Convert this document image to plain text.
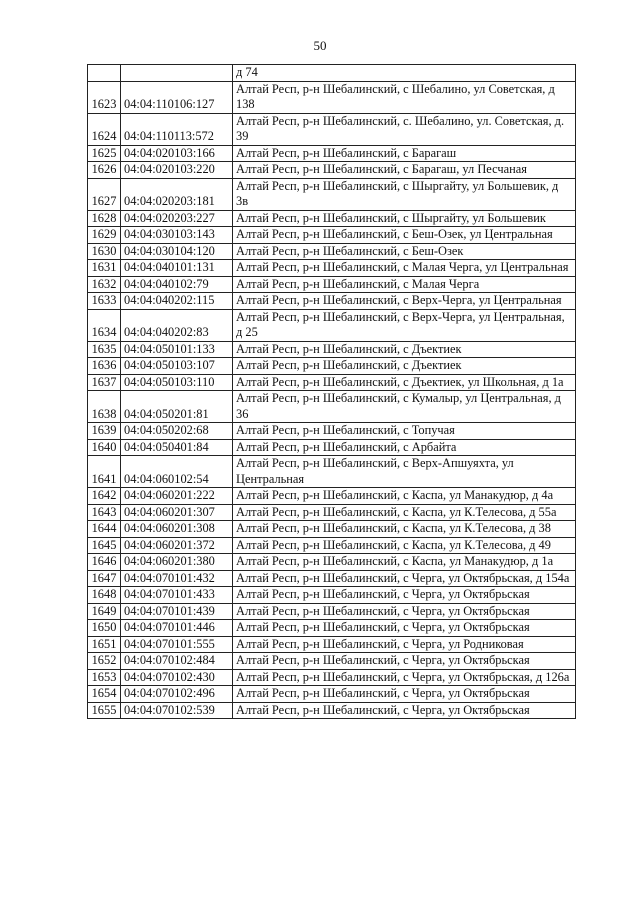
50
		д 74
1623	04:04:110106:127	Алтай Респ, р-н Шебалинский, с Шебалино, ул Советская, д 138
1624	04:04:110113:572	Алтай Респ, р-н Шебалинский, с. Шебалино, ул. Советская, д. 39
1625	04:04:020103:166	Алтай Респ, р-н Шебалинский, с Барагаш
1626	04:04:020103:220	Алтай Респ, р-н Шебалинский, с Барагаш, ул Песчаная
1627	04:04:020203:181	Алтай Респ, р-н Шебалинский, с Шыргайту, ул Большевик, д 3в
1628	04:04:020203:227	Алтай Респ, р-н Шебалинский, с Шыргайту, ул Большевик
1629	04:04:030103:143	Алтай Респ, р-н Шебалинский, с Беш-Озек, ул Центральная
1630	04:04:030104:120	Алтай Респ, р-н Шебалинский, с Беш-Озек
1631	04:04:040101:131	Алтай Респ, р-н Шебалинский, с Малая Черга, ул Центральная
1632	04:04:040102:79	Алтай Респ, р-н Шебалинский, с Малая Черга
1633	04:04:040202:115	Алтай Респ, р-н Шебалинский, с Верх-Черга, ул Центральная
1634	04:04:040202:83	Алтай Респ, р-н Шебалинский, с Верх-Черга, ул Центральная, д 25
1635	04:04:050101:133	Алтай Респ, р-н Шебалинский, с Дъектиек
1636	04:04:050103:107	Алтай Респ, р-н Шебалинский, с Дъектиек
1637	04:04:050103:110	Алтай Респ, р-н Шебалинский, с Дъектиек, ул Школьная, д 1а
1638	04:04:050201:81	Алтай Респ, р-н Шебалинский, с Кумалыр, ул Центральная, д 36
1639	04:04:050202:68	Алтай Респ, р-н Шебалинский, с Топучая
1640	04:04:050401:84	Алтай Респ, р-н Шебалинский, с Арбайта
1641	04:04:060102:54	Алтай Респ, р-н Шебалинский, с Верх-Апшуяхта, ул Центральная
1642	04:04:060201:222	Алтай Респ, р-н Шебалинский, с Каспа, ул Манакудюр, д 4а
1643	04:04:060201:307	Алтай Респ, р-н Шебалинский, с Каспа, ул К.Телесова, д 55а
1644	04:04:060201:308	Алтай Респ, р-н Шебалинский, с Каспа, ул К.Телесова, д 38
1645	04:04:060201:372	Алтай Респ, р-н Шебалинский, с Каспа, ул К.Телесова, д 49
1646	04:04:060201:380	Алтай Респ, р-н Шебалинский, с Каспа, ул Манакудюр, д 1а
1647	04:04:070101:432	Алтай Респ, р-н Шебалинский, с Черга, ул Октябрьская, д 154а
1648	04:04:070101:433	Алтай Респ, р-н Шебалинский, с Черга, ул Октябрьская
1649	04:04:070101:439	Алтай Респ, р-н Шебалинский, с Черга, ул Октябрьская
1650	04:04:070101:446	Алтай Респ, р-н Шебалинский, с Черга, ул Октябрьская
1651	04:04:070101:555	Алтай Респ, р-н Шебалинский, с Черга, ул Родниковая
1652	04:04:070102:484	Алтай Респ, р-н Шебалинский, с Черга, ул Октябрьская
1653	04:04:070102:430	Алтай Респ, р-н Шебалинский, с Черга, ул Октябрьская, д 126а
1654	04:04:070102:496	Алтай Респ, р-н Шебалинский, с Черга, ул Октябрьская
1655	04:04:070102:539	Алтай Респ, р-н Шебалинский, с Черга, ул Октябрьская
